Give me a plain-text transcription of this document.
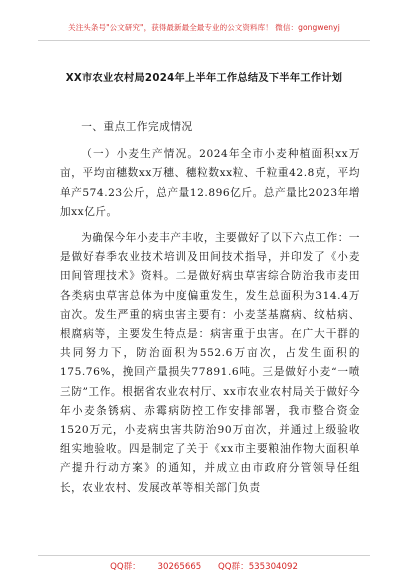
关注头条号"公文研究"，获得最新最全最专业的公文资料库！ 微信：gongwenyj
XX市农业农村局2024年上半年工作总结及下半年工作计划

一、重点工作完成情况

（一）小麦生产情况。2024年全市小麦种植面积xx万亩，平均亩穗数xx万穗、穗粒数xx粒、千粒重42.8克，平均单产574.23公斤，总产量12.896亿斤。总产量比2023年增加xx亿斤。

为确保今年小麦丰产丰收，主要做好了以下六点工作：一是做好春季农业技术培训及田间技术指导，并印发了《小麦田间管理技术》资料。二是做好病虫草害综合防治我市麦田各类病虫草害总体为中度偏重发生，发生总面积为314.4万亩次。发生严重的病虫害主要有：小麦茎基腐病、纹枯病、根腐病等，主要发生特点是：病害重于虫害。在广大干群的共同努力下，防治面积为552.6万亩次，占发生面积的175.76%，挽回产量损失77891.6吨。三是做好小麦“一喷三防”工作。根据省农业农村厅、xx市农业农村局关于做好今年小麦条锈病、赤霉病防控工作安排部署，我市整合资金1520万元，小麦病虫害共防治90万亩次，并通过上级验收组实地验收。四是制定了关于《xx市主要粮油作物大面积单产提升行动方案》的通知，并成立由市政府分管领导任组长，农业农村、发展改革等相关部门负责

QQ群： 30265665 QQ群：535304092
